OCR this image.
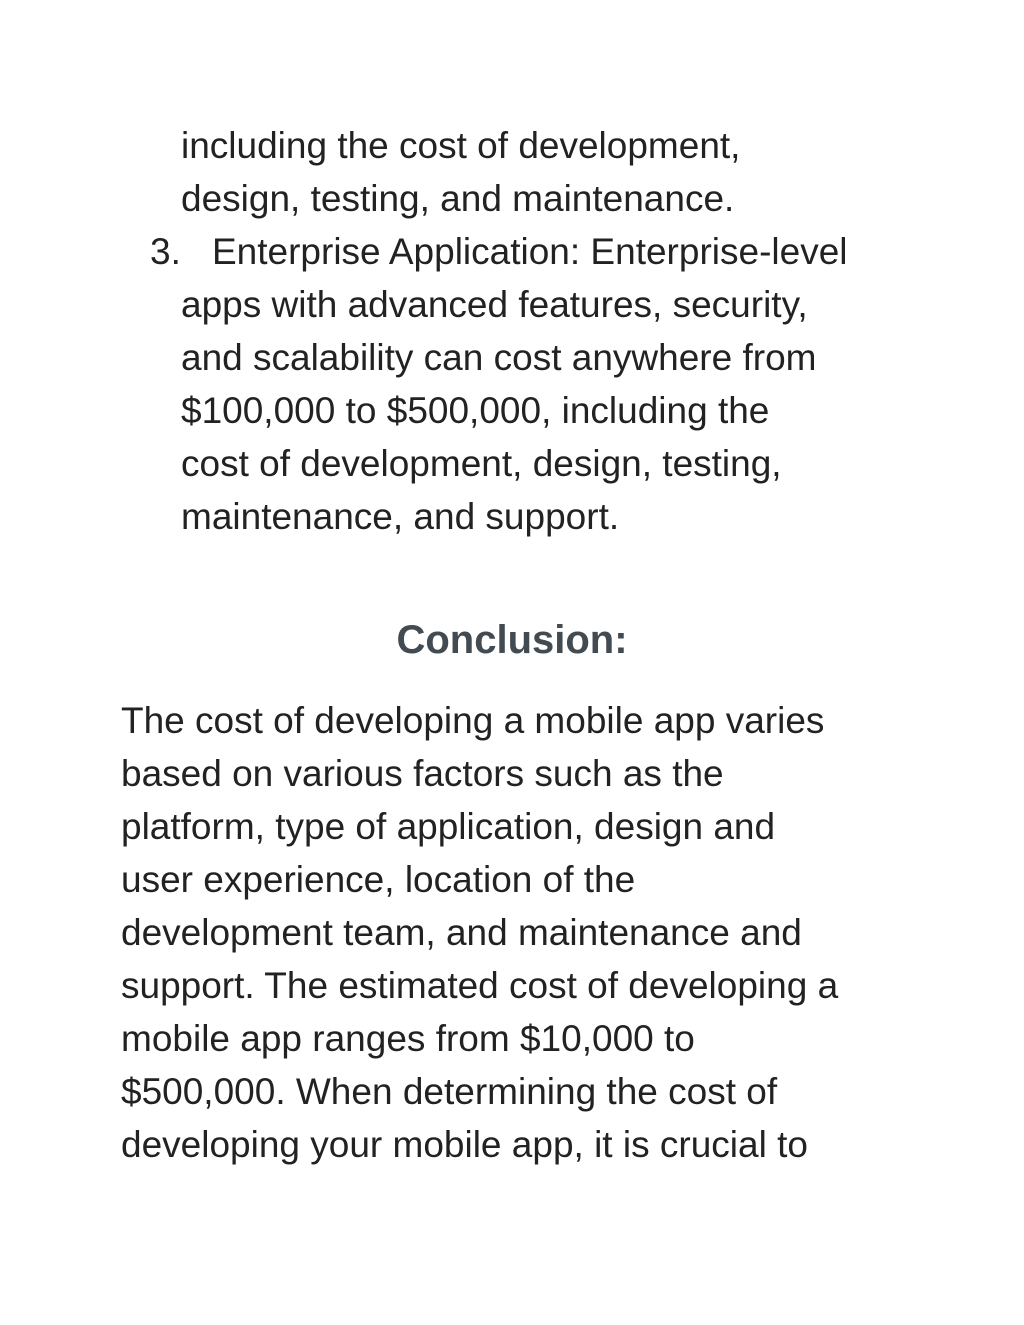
including the cost of development,

design, testing, and maintenance.

3. Enterprise Application: Enterprise-level

apps with advanced features, security,

and scalability can cost anywhere from

$100,000 to $500,000, including the

cost of development, design, testing,

maintenance, and support.

Conclusion:

The cost of developing a mobile app varies

based on various factors such as the

platform, type of application, design and

user experience, location of the

development team, and maintenance and

support. The estimated cost of developing a

mobile app ranges from $10,000 to

$500,000. When determining the cost of

developing your mobile app, it is crucial to
